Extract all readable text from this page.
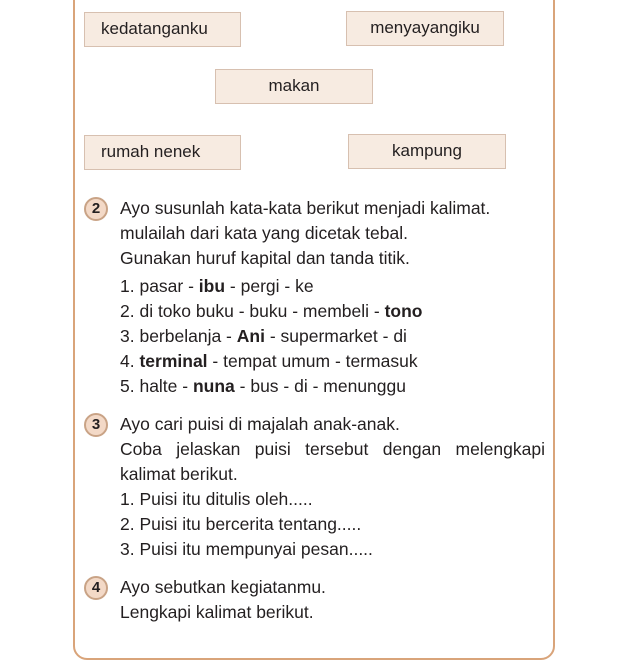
kedatanganku	menyayangiku
makan
rumah nenek	kampung
2	Ayo susunlah kata-kata berikut menjadi kalimat.
mulailah dari kata yang dicetak tebal.
Gunakan huruf kapital dan tanda titik.
1. pasar - ibu - pergi - ke
2. di toko buku - buku - membeli - tono
3. berbelanja - Ani - supermarket - di
4. terminal - tempat umum - termasuk
5. halte - nuna - bus - di - menunggu
3	Ayo cari puisi di majalah anak-anak.
Coba jelaskan puisi tersebut dengan melengkapi
kalimat berikut.
1. Puisi itu ditulis oleh.....
2. Puisi itu bercerita tentang.....
3. Puisi itu mempunyai pesan.....
4	Ayo sebutkan kegiatanmu.
Lengkapi kalimat berikut.
